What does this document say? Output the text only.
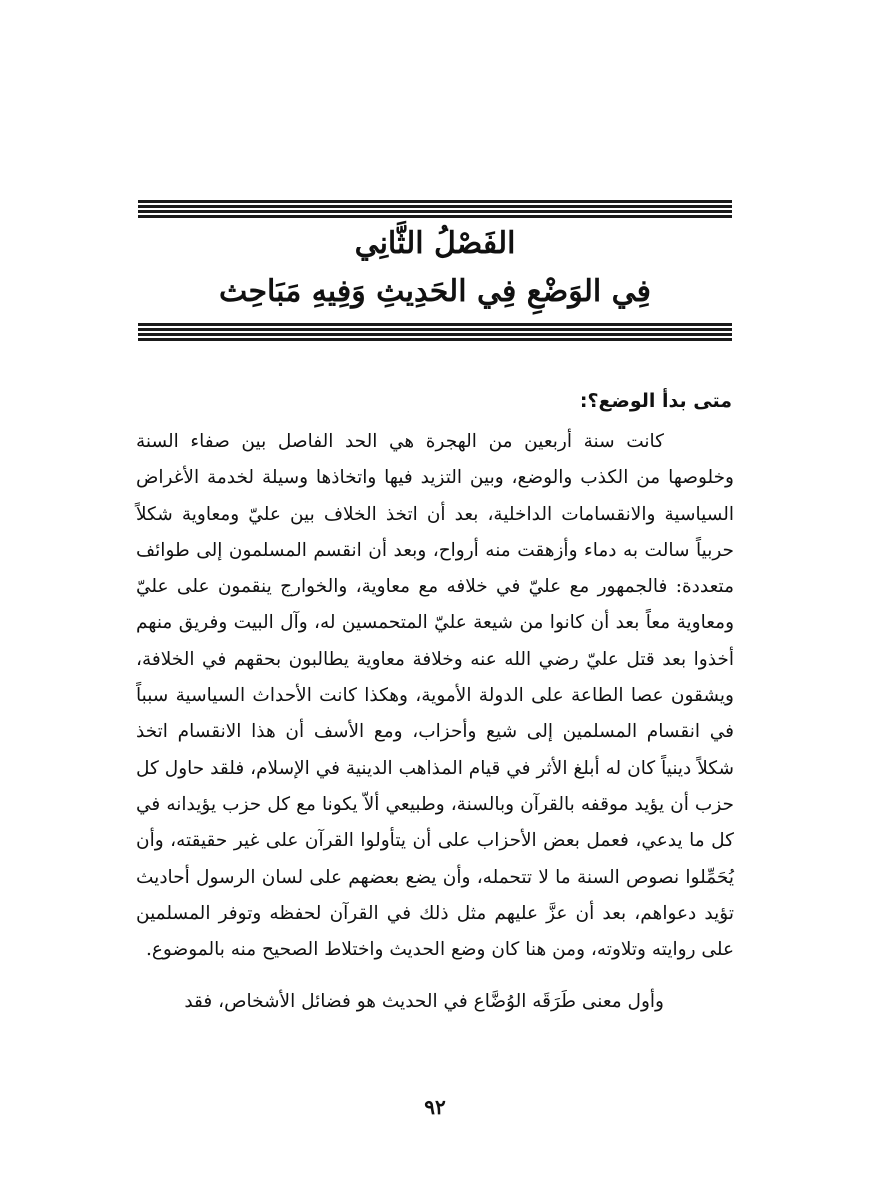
الفَصْلُ الثَّانِي
فِي الوَضْعِ فِي الحَدِيثِ وَفِيهِ مَبَاحِث
متى بدأ الوضع؟:

كانت سنة أربعين من الهجرة هي الحد الفاصل بين صفاء السنة وخلوصها من الكذب والوضع، وبين التزيد فيها واتخاذها وسيلة لخدمة الأغراض السياسية والانقسامات الداخلية، بعد أن اتخذ الخلاف بين عليّ ومعاوية شكلاً حربياً سالت به دماء وأزهقت منه أرواح، وبعد أن انقسم المسلمون إلى طوائف متعددة: فالجمهور مع عليّ في خلافه مع معاوية، والخوارج ينقمون على عليّ ومعاوية معاً بعد أن كانوا من شيعة عليّ المتحمسين له، وآل البيت وفريق منهم أخذوا بعد قتل عليّ رضي الله عنه وخلافة معاوية يطالبون بحقهم في الخلافة، ويشقون عصا الطاعة على الدولة الأموية، وهكذا كانت الأحداث السياسية سبباً في انقسام المسلمين إلى شيع وأحزاب، ومع الأسف أن هذا الانقسام اتخذ شكلاً دينياً كان له أبلغ الأثر في قيام المذاهب الدينية في الإسلام، فلقد حاول كل حزب أن يؤيد موقفه بالقرآن وبالسنة، وطبيعي ألاّ يكونا مع كل حزب يؤيدانه في كل ما يدعي، فعمل بعض الأحزاب على أن يتأولوا القرآن على غير حقيقته، وأن يُحَمِّلوا نصوص السنة ما لا تتحمله، وأن يضع بعضهم على لسان الرسول أحاديث تؤيد دعواهم، بعد أن عزَّ عليهم مثل ذلك في القرآن لحفظه وتوفر المسلمين على روايته وتلاوته، ومن هنا كان وضع الحديث واختلاط الصحيح منه بالموضوع.

وأول معنى طَرَقَه الوُضَّاع في الحديث هو فضائل الأشخاص، فقد

٩٢
